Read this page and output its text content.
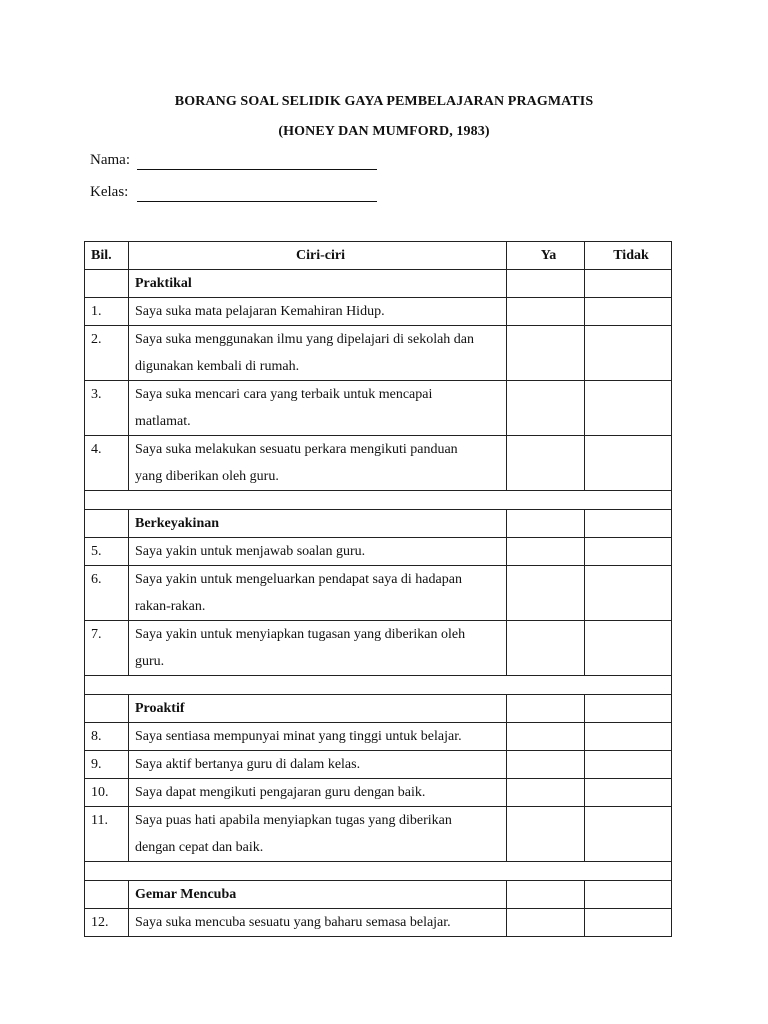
BORANG SOAL SELIDIK GAYA PEMBELAJARAN PRAGMATIS
(HONEY DAN MUMFORD, 1983)
Nama:
Kelas:
Bil.	Ciri-ciri	Ya	Tidak
	Praktikal		
1.	Saya suka mata pelajaran Kemahiran Hidup.		

2.	Saya suka menggunakan ilmu yang dipelajari di sekolah dan
digunakan kembali di rumah.		

3.	Saya suka mencari cara yang terbaik untuk mencapai
matlamat.		

4.	Saya suka melakukan sesuatu perkara mengikuti panduan
yang diberikan oleh guru.		

	Berkeyakinan		
5.	Saya yakin untuk menjawab soalan guru.		

6.	Saya yakin untuk mengeluarkan pendapat saya di hadapan
rakan-rakan.		

7.	Saya yakin untuk menyiapkan tugasan yang diberikan oleh
guru.		

	Proaktif		
8.	Saya sentiasa mempunyai minat yang tinggi untuk belajar.		

9.	Saya aktif bertanya guru di dalam kelas.		

10.	Saya dapat mengikuti pengajaran guru dengan baik.		

11.	Saya puas hati apabila menyiapkan tugas yang diberikan
dengan cepat dan baik.		

	Gemar Mencuba		
12.	Saya suka mencuba sesuatu yang baharu semasa belajar.		
